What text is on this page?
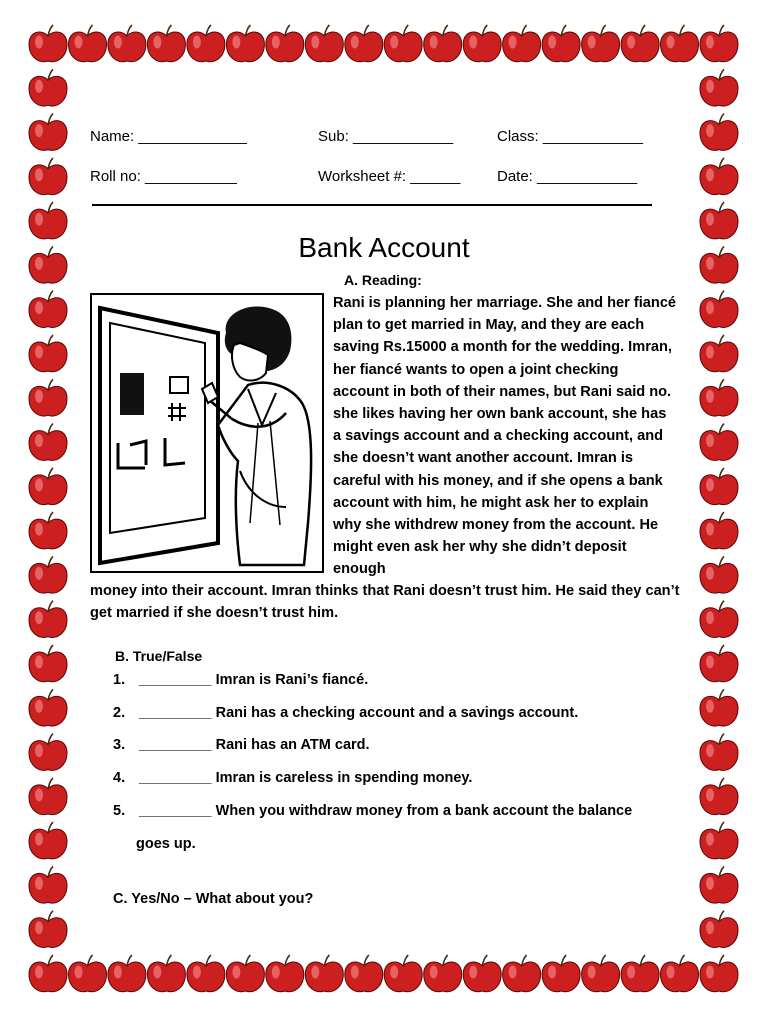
Name: _____________	Sub: ____________	Class: ____________
Roll no: ___________	Worksheet #: ______ Date: ____________
Bank Account
A. Reading:

Rani is planning her marriage. She and her fiancé plan to get married in May, and they are each saving Rs.15000 a month for the wedding. Imran, her fiancé wants to open a joint checking account in both of their names, but Rani said no. she likes having her own bank account, she has a savings account and a checking account, and she doesn’t want another account. Imran is careful with his money, and if she opens a bank account with him, he might ask her to explain why she withdrew money from the account. He might even ask her why she didn’t deposit enough

money into their account. Imran thinks that Rani doesn’t trust him. He said they can’t get married if she doesn’t trust him.

B. True/False
1. _________ Imran is Rani’s fiancé.
2. _________ Rani has a checking account and a savings account.
3. _________ Rani has an ATM card.
4. _________ Imran is careless in spending money.
5. _________ When you withdraw money from a bank account the balance
goes up.
C. Yes/No – What about you?
